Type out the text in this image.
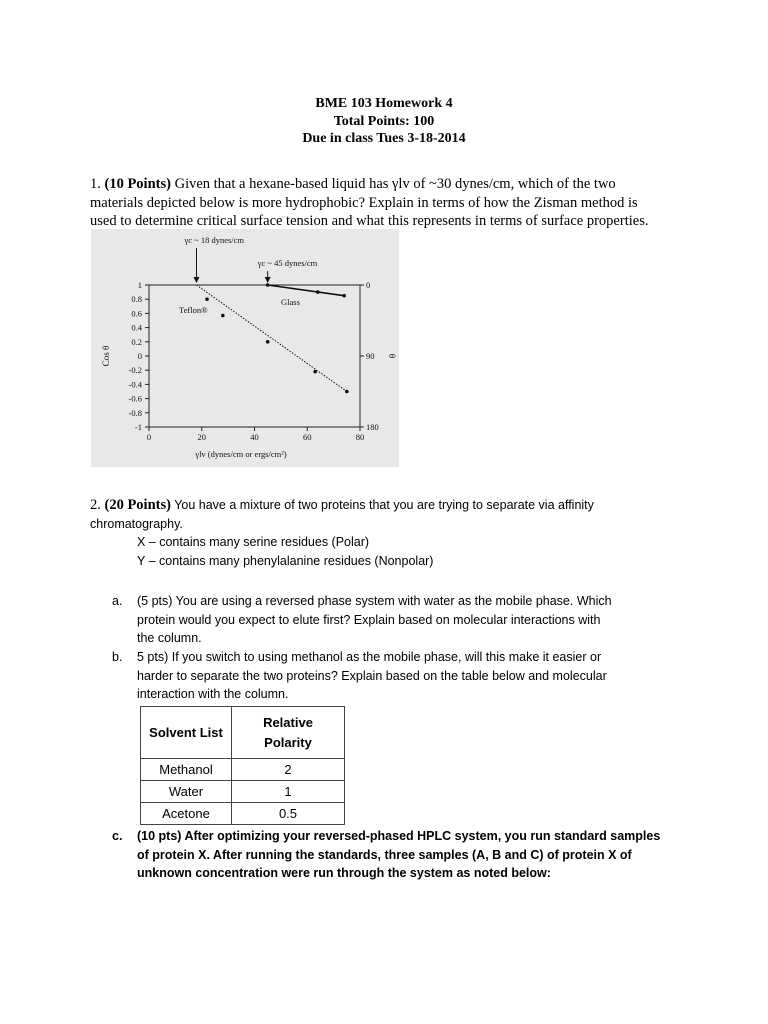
BME 103 Homework 4
Total Points: 100
Due in class Tues 3-18-2014
1. (10 Points) Given that a hexane-based liquid has γlv of ~30 dynes/cm, which of the two
materials depicted below is more hydrophobic? Explain in terms of how the Zisman method is
used to determine critical surface tension and what this represents in terms of surface properties.
1
0.8
0.6
0.4
0.2
0
-0.2
-0.4
-0.6
-0.8
-1
0	20	40	60	80
0
90
180
γlv (dynes/cm or ergs/cm²)
Cos θ	θ
Teflon®
Glass
γc ~ 18 dynes/cm
γc ~ 45 dynes/cm
2. (20 Points) You have a mixture of two proteins that you are trying to separate via affinity
chromatography.
X – contains many serine residues (Polar)
Y – contains many phenylalanine residues (Nonpolar)
a. (5 pts) You are using a reversed phase system with water as the mobile phase. Which
protein would you expect to elute first? Explain based on molecular interactions with
the column.
b. 5 pts) If you switch to using methanol as the mobile phase, will this make it easier or
harder to separate the two proteins? Explain based on the table below and molecular
interaction with the column.
Solvent List	Relative
Polarity

Methanol	2
Water	1
Acetone	0.5
c. (10 pts) After optimizing your reversed-phased HPLC system, you run standard samples
of protein X. After running the standards, three samples (A, B and C) of protein X of
unknown concentration were run through the system as noted below:
